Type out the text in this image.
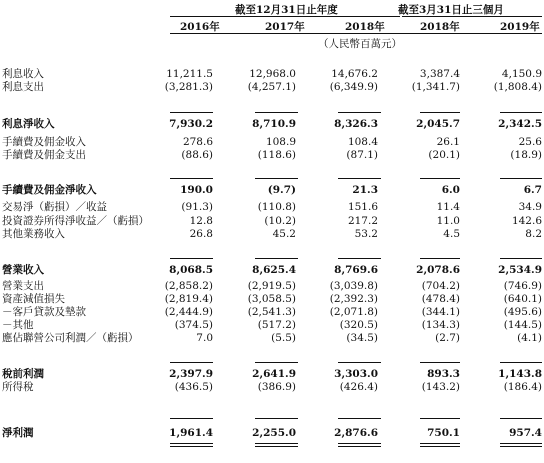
截至12月31日止年度	截至3月31日止三個月
2016年	2017年	2018年	2018年	2019年
（人民幣百萬元）
利息收入	11,211.5	12,968.0	14,676.2	3,387.4	4,150.9
利息支出	(3,281.3)	(4,257.1)	(6,349.9)	(1,341.7)	(1,808.4)
利息淨收入	7,930.2	8,710.9	8,326.3	2,045.7	2,342.5
手續費及佣金收入	278.6	108.9	108.4	26.1	25.6
手續費及佣金支出	(88.6)	(118.6)	(87.1)	(20.1)	(18.9)
手續費及佣金淨收入	190.0	(9.7)	21.3	6.0	6.7
交易淨（虧損）／收益	(91.3)	(110.8)	151.6	11.4	34.9
投資證券所得淨收益／（虧損）	12.8	(10.2)	217.2	11.0	142.6
其他業務收入	26.8	45.2	53.2	4.5	8.2
營業收入	8,068.5	8,625.4	8,769.6	2,078.6	2,534.9
營業支出	(2,858.2)	(2,919.5)	(3,039.8)	(704.2)	(746.9)
資產減值損失	(2,819.4)	(3,058.5)	(2,392.3)	(478.4)	(640.1)
－客戶貸款及墊款	(2,444.9)	(2,541.3)	(2,071.8)	(344.1)	(495.6)
－其他	(374.5)	(517.2)	(320.5)	(134.3)	(144.5)
應佔聯營公司利潤／（虧損）	7.0	(5.5)	(34.5)	(2.7)	(4.1)
稅前利潤	2,397.9	2,641.9	3,303.0	893.3	1,143.8
所得稅	(436.5)	(386.9)	(426.4)	(143.2)	(186.4)
淨利潤	1,961.4	2,255.0	2,876.6	750.1	957.4
